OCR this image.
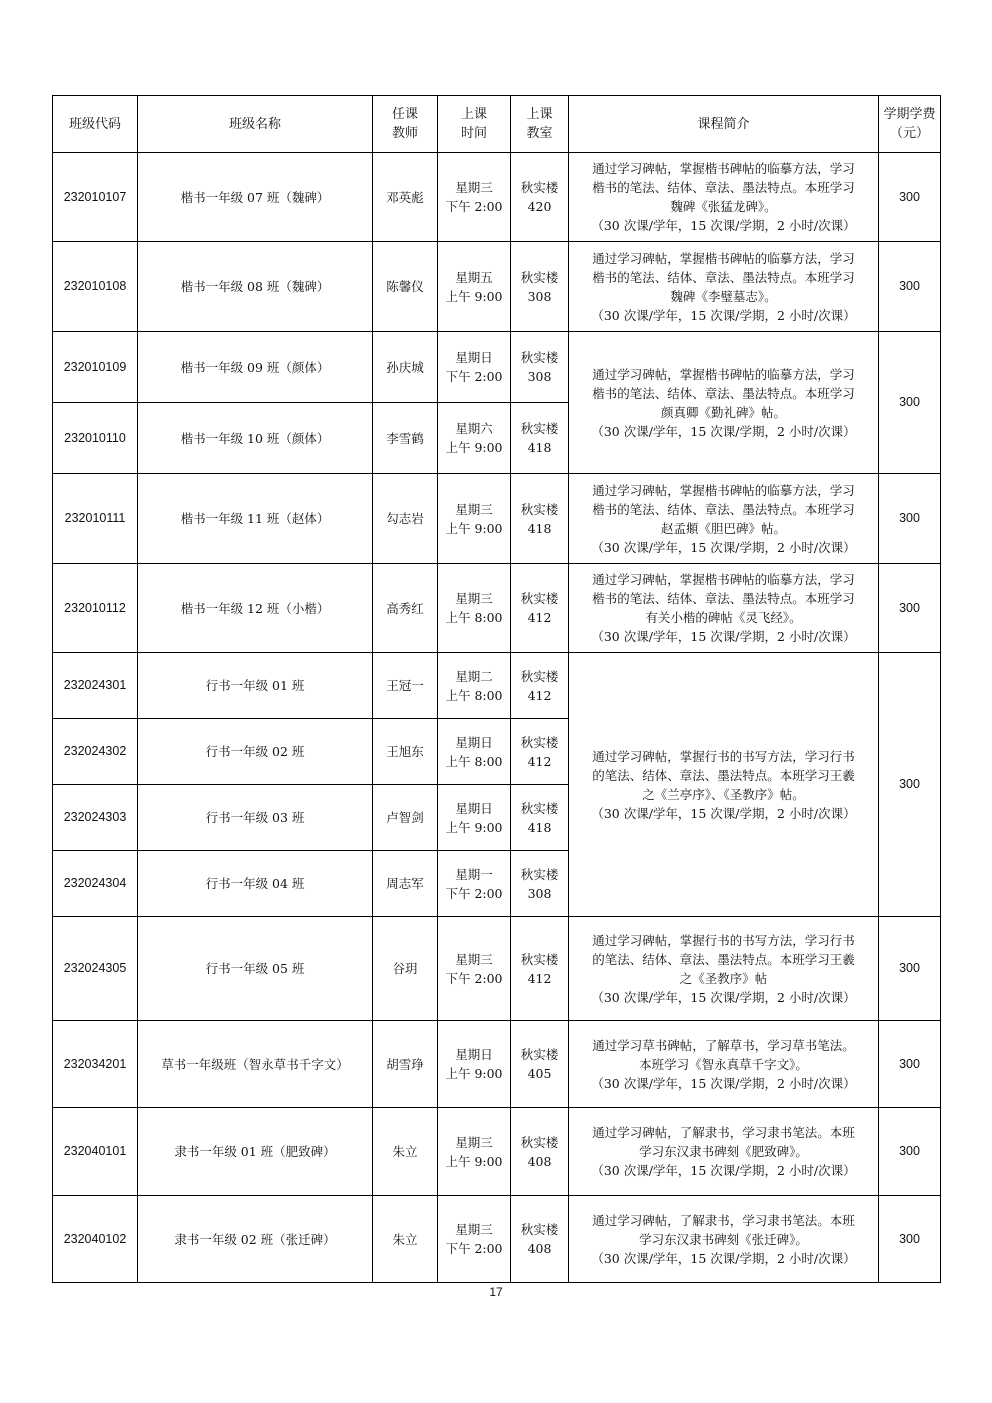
班级代码	班级名称	任课
教师	上课
时间	上课
教室	课程简介	学期学费
（元）

232010107	楷书一年级 07 班（魏碑）	邓英彪	星期三
下午 2:00	秋实楼
420	通过学习碑帖，掌握楷书碑帖的临摹方法，学习
楷书的笔法、结体、章法、墨法特点。本班学习
魏碑《张猛龙碑》。
（30 次课/学年，15 次课/学期，2 小时/次课）	300
232010108	楷书一年级 08 班（魏碑）	陈馨仪	星期五
上午 9:00	秋实楼
308	通过学习碑帖，掌握楷书碑帖的临摹方法，学习
楷书的笔法、结体、章法、墨法特点。本班学习
魏碑《李璧墓志》。
（30 次课/学年，15 次课/学期，2 小时/次课）	300
232010109	楷书一年级 09 班（颜体）	孙庆城	星期日
下午 2:00	秋实楼
308	通过学习碑帖，掌握楷书碑帖的临摹方法，学习
楷书的笔法、结体、章法、墨法特点。本班学习
颜真卿《勤礼碑》帖。
（30 次课/学年，15 次课/学期，2 小时/次课）	300
232010110	楷书一年级 10 班（颜体）	李雪鹤	星期六
上午 9:00	秋实楼
418		

232010111	楷书一年级 11 班（赵体）	勾志岩	星期三
上午 9:00	秋实楼
418	通过学习碑帖，掌握楷书碑帖的临摹方法，学习
楷书的笔法、结体、章法、墨法特点。本班学习
赵孟頫《胆巴碑》帖。
（30 次课/学年，15 次课/学期，2 小时/次课）	300
232010112	楷书一年级 12 班（小楷）	高秀红	星期三
上午 8:00	秋实楼
412	通过学习碑帖，掌握楷书碑帖的临摹方法，学习
楷书的笔法、结体、章法、墨法特点。本班学习
有关小楷的碑帖《灵飞经》。
（30 次课/学年，15 次课/学期，2 小时/次课）	300
232024301	行书一年级 01 班	王冠一	星期二
上午 8:00	秋实楼
412	通过学习碑帖，掌握行书的书写方法，学习行书
的笔法、结体、章法、墨法特点。本班学习王羲
之《兰亭序》、《圣教序》帖。
（30 次课/学年，15 次课/学期，2 小时/次课）	300
232024302	行书一年级 02 班	王旭东	星期日
上午 8:00	秋实楼
412		

232024303	行书一年级 03 班	卢智剑	星期日
上午 9:00	秋实楼
418		

232024304	行书一年级 04 班	周志军	星期一
下午 2:00	秋实楼
308		

232024305	行书一年级 05 班	谷玥	星期三
下午 2:00	秋实楼
412	通过学习碑帖，掌握行书的书写方法，学习行书
的笔法、结体、章法、墨法特点。本班学习王羲
之《圣教序》帖
（30 次课/学年，15 次课/学期，2 小时/次课）	300
232034201	草书一年级班（智永草书千字文）	胡雪琤	星期日
上午 9:00	秋实楼
405	通过学习草书碑帖，了解草书，学习草书笔法。
本班学习《智永真草千字文》。
（30 次课/学年，15 次课/学期，2 小时/次课）	300
232040101	隶书一年级 01 班（肥致碑）	朱立	星期三
上午 9:00	秋实楼
408	通过学习碑帖，了解隶书，学习隶书笔法。本班
学习东汉隶书碑刻《肥致碑》。
（30 次课/学年，15 次课/学期，2 小时/次课）	300
232040102	隶书一年级 02 班（张迁碑）	朱立	星期三
下午 2:00	秋实楼
408	通过学习碑帖，了解隶书，学习隶书笔法。本班
学习东汉隶书碑刻《张迁碑》。
（30 次课/学年，15 次课/学期，2 小时/次课）	300
17
